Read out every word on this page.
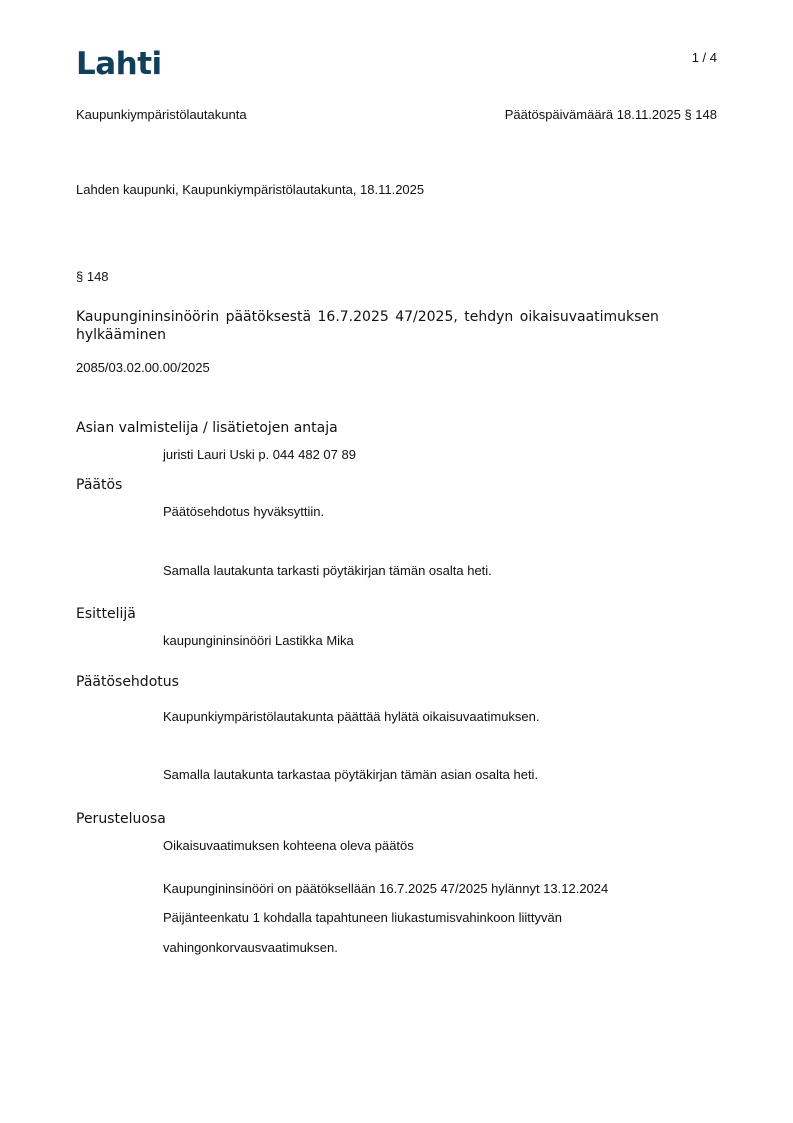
Lahti	1 / 4
Kaupunkiympäristölautakunta	Päätöspäivämäärä 18.11.2025 § 148
Lahden kaupunki, Kaupunkiympäristölautakunta, 18.11.2025
§ 148
Kaupungininsinöörin päätöksestä 16.7.2025 47/2025, tehdyn oikaisuvaatimuksen hylkääminen
2085/03.02.00.00/2025
Asian valmistelija / lisätietojen antaja
juristi Lauri Uski p. 044 482 07 89
Päätös
Päätösehdotus hyväksyttiin.
Samalla lautakunta tarkasti pöytäkirjan tämän osalta heti.
Esittelijä
kaupungininsinööri Lastikka Mika
Päätösehdotus
Kaupunkiympäristölautakunta päättää hylätä oikaisuvaatimuksen.
Samalla lautakunta tarkastaa pöytäkirjan tämän asian osalta heti.
Perusteluosa
Oikaisuvaatimuksen kohteena oleva päätös
Kaupungininsinööri on päätöksellään 16.7.2025 47/2025 hylännyt 13.12.2024
Päijänteenkatu 1 kohdalla tapahtuneen liukastumisvahinkoon liittyvän
vahingonkorvausvaatimuksen.
